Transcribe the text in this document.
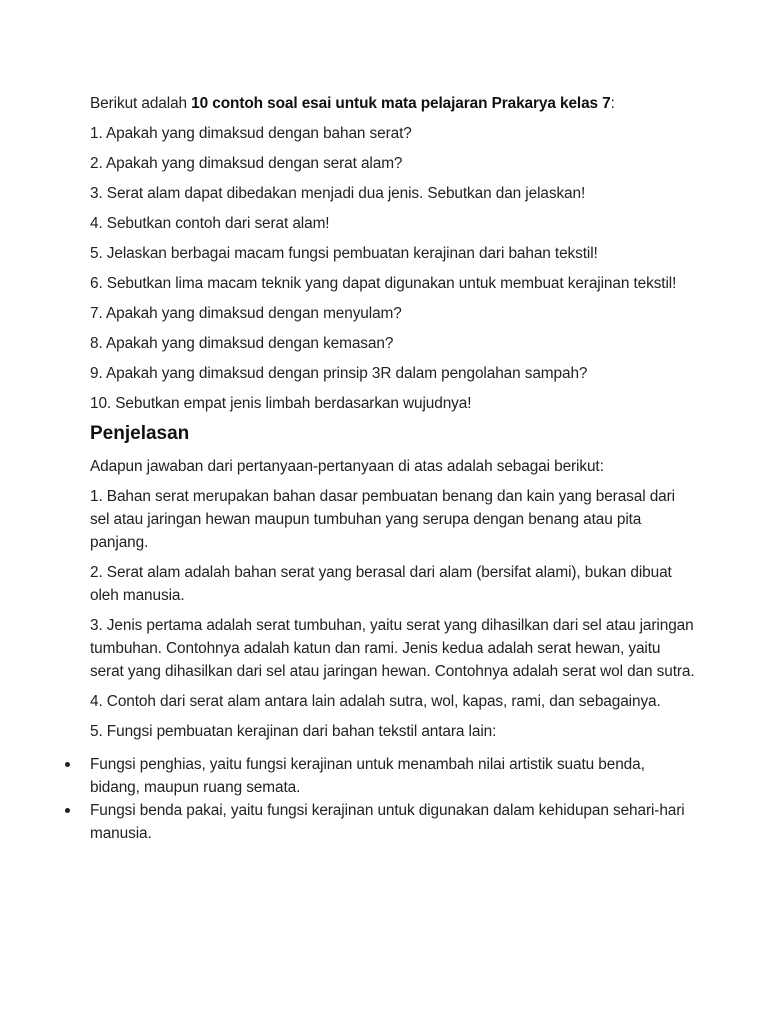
Berikut adalah 10 contoh soal esai untuk mata pelajaran Prakarya kelas 7:

1. Apakah yang dimaksud dengan bahan serat?

2. Apakah yang dimaksud dengan serat alam?

3. Serat alam dapat dibedakan menjadi dua jenis. Sebutkan dan jelaskan!

4. Sebutkan contoh dari serat alam!

5. Jelaskan berbagai macam fungsi pembuatan kerajinan dari bahan tekstil!

6. Sebutkan lima macam teknik yang dapat digunakan untuk membuat kerajinan tekstil!

7. Apakah yang dimaksud dengan menyulam?

8. Apakah yang dimaksud dengan kemasan?

9. Apakah yang dimaksud dengan prinsip 3R dalam pengolahan sampah?

10. Sebutkan empat jenis limbah berdasarkan wujudnya!

Penjelasan

Adapun jawaban dari pertanyaan-pertanyaan di atas adalah sebagai berikut:

1. Bahan serat merupakan bahan dasar pembuatan benang dan kain yang berasal dari sel atau jaringan hewan maupun tumbuhan yang serupa dengan benang atau pita panjang.

2. Serat alam adalah bahan serat yang berasal dari alam (bersifat alami), bukan dibuat oleh manusia.

3. Jenis pertama adalah serat tumbuhan, yaitu serat yang dihasilkan dari sel atau jaringan tumbuhan. Contohnya adalah katun dan rami. Jenis kedua adalah serat hewan, yaitu serat yang dihasilkan dari sel atau jaringan hewan. Contohnya adalah serat wol dan sutra.

4. Contoh dari serat alam antara lain adalah sutra, wol, kapas, rami, dan sebagainya.

5. Fungsi pembuatan kerajinan dari bahan tekstil antara lain:

Fungsi penghias, yaitu fungsi kerajinan untuk menambah nilai artistik suatu benda, bidang, maupun ruang semata.
Fungsi benda pakai, yaitu fungsi kerajinan untuk digunakan dalam kehidupan sehari-hari manusia.
